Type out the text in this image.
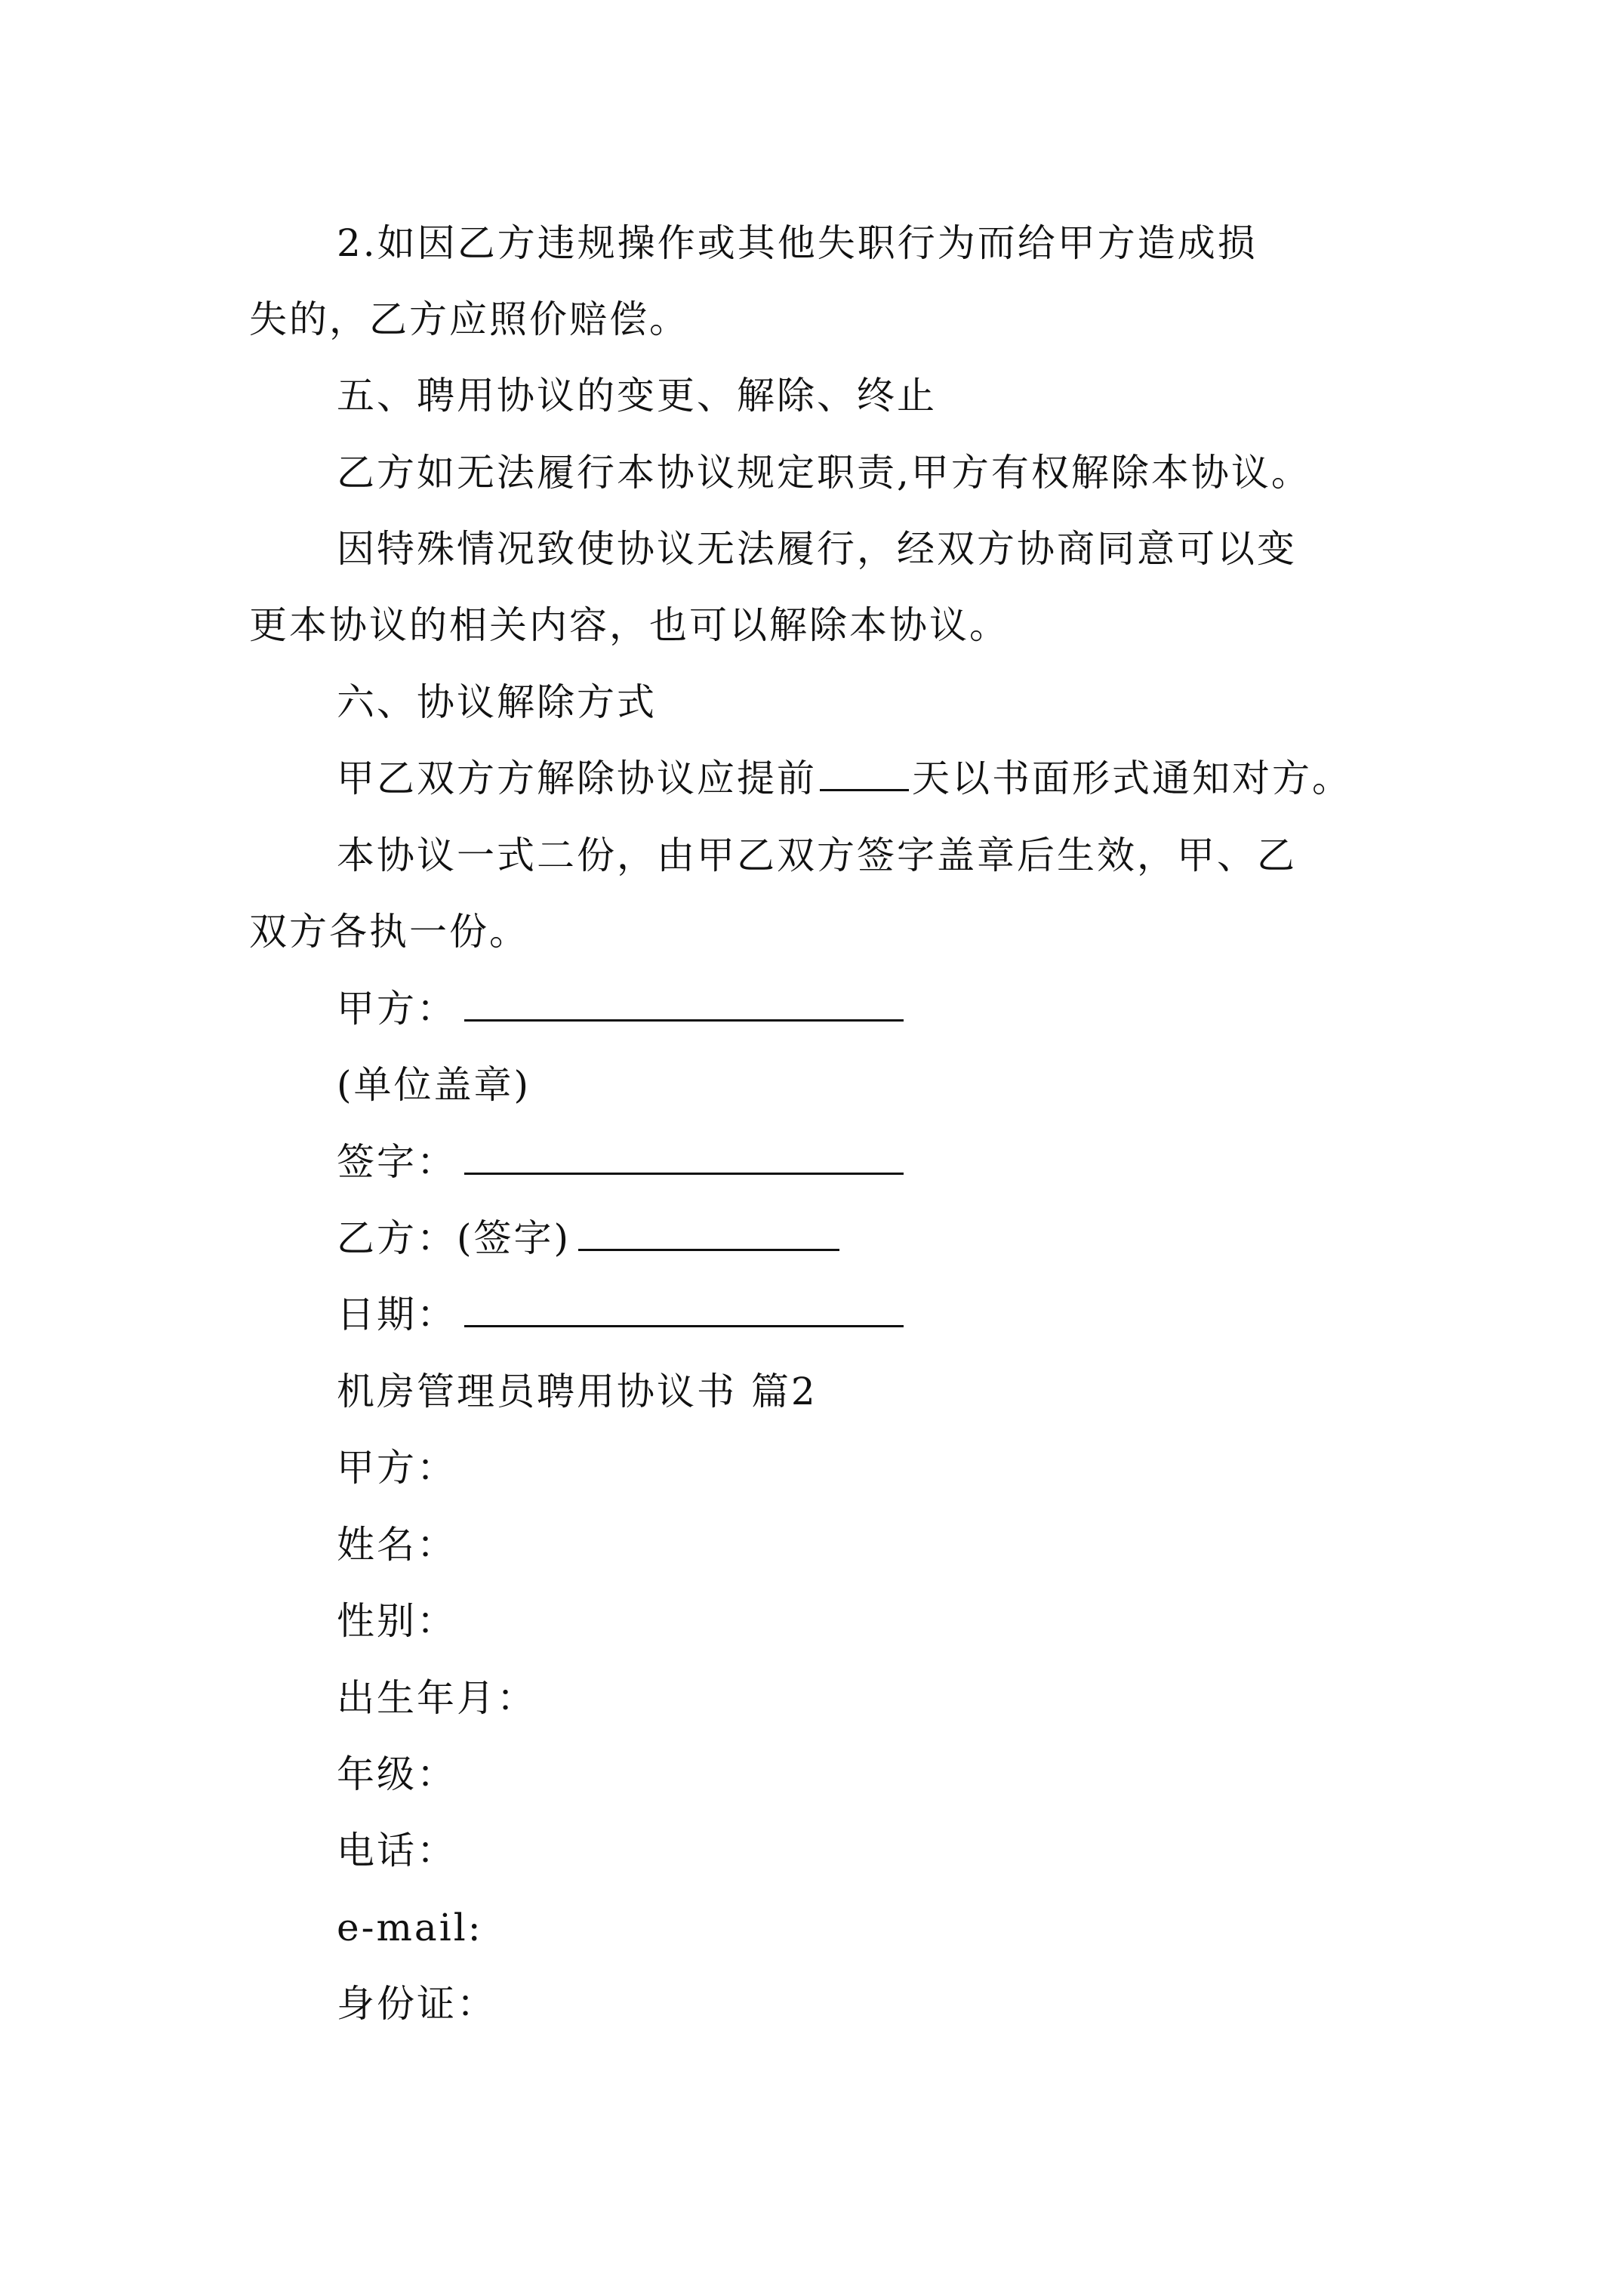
2.如因乙方违规操作或其他失职行为而给甲方造成损
失的，乙方应照价赔偿。
五、聘用协议的变更、解除、终止
乙方如无法履行本协议规定职责,甲方有权解除本协议。
因特殊情况致使协议无法履行，经双方协商同意可以变
更本协议的相关内容，也可以解除本协议。
六、协议解除方式
甲乙双方方解除协议应提前	天以书面形式通知对方。
本协议一式二份，由甲乙双方签字盖章后生效，甲、乙
双方各执一份。
甲方：
(单位盖章)
签字：
乙方：(签字)
日期：
机房管理员聘用协议书 篇2
甲方：
姓名：
性别：
出生年月：
年级：
电话：
e-mail:
身份证：
